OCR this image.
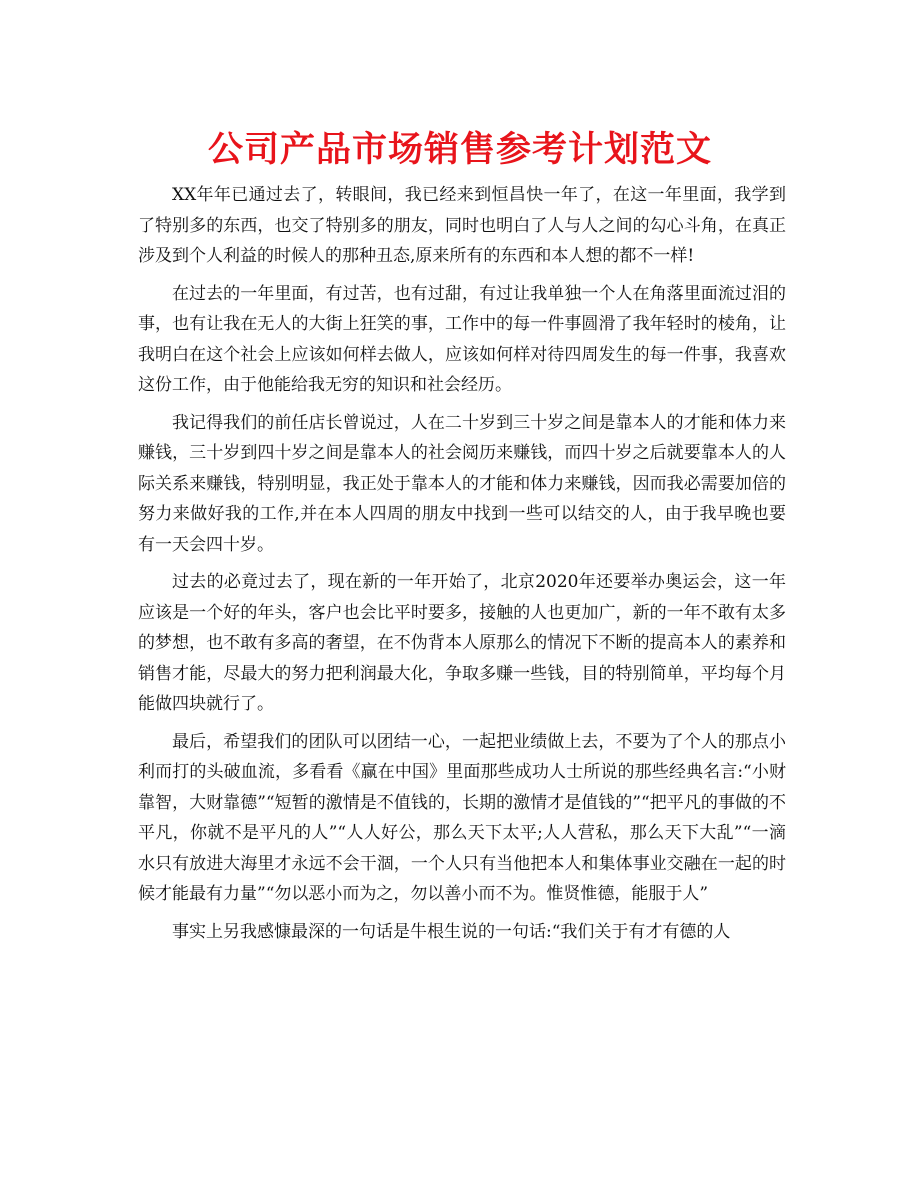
公司产品市场销售参考计划范文

XX年年已通过去了，转眼间，我已经来到恒昌快一年了，在这一年里面，我学到了特别多的东西，也交了特别多的朋友，同时也明白了人与人之间的勾心斗角，在真正涉及到个人利益的时候人的那种丑态,原来所有的东西和本人想的都不一样!

在过去的一年里面，有过苦，也有过甜，有过让我单独一个人在角落里面流过泪的事，也有让我在无人的大街上狂笑的事，工作中的每一件事圆滑了我年轻时的棱角，让我明白在这个社会上应该如何样去做人，应该如何样对待四周发生的每一件事，我喜欢这份工作，由于他能给我无穷的知识和社会经历。

我记得我们的前任店长曾说过，人在二十岁到三十岁之间是靠本人的才能和体力来赚钱，三十岁到四十岁之间是靠本人的社会阅历来赚钱，而四十岁之后就要靠本人的人际关系来赚钱，特别明显，我正处于靠本人的才能和体力来赚钱，因而我必需要加倍的努力来做好我的工作,并在本人四周的朋友中找到一些可以结交的人，由于我早晚也要有一天会四十岁。

过去的必竟过去了，现在新的一年开始了，北京2020年还要举办奥运会，这一年应该是一个好的年头，客户也会比平时要多，接触的人也更加广，新的一年不敢有太多的梦想，也不敢有多高的奢望，在不伪背本人原那么的情况下不断的提高本人的素养和销售才能，尽最大的努力把利润最大化，争取多赚一些钱，目的特别简单，平均每个月能做四块就行了。

最后，希望我们的团队可以团结一心，一起把业绩做上去，不要为了个人的那点小利而打的头破血流，多看看《赢在中国》里面那些成功人士所说的那些经典名言:“小财靠智，大财靠德”“短暂的激情是不值钱的，长期的激情才是值钱的”“把平凡的事做的不平凡，你就不是平凡的人”“人人好公，那么天下太平;人人营私，那么天下大乱”“一滴水只有放进大海里才永远不会干涸，一个人只有当他把本人和集体事业交融在一起的时候才能最有力量”“勿以恶小而为之，勿以善小而不为。惟贤惟德，能服于人”

事实上另我感慷最深的一句话是牛根生说的一句话:“我们关于有才有德的人
